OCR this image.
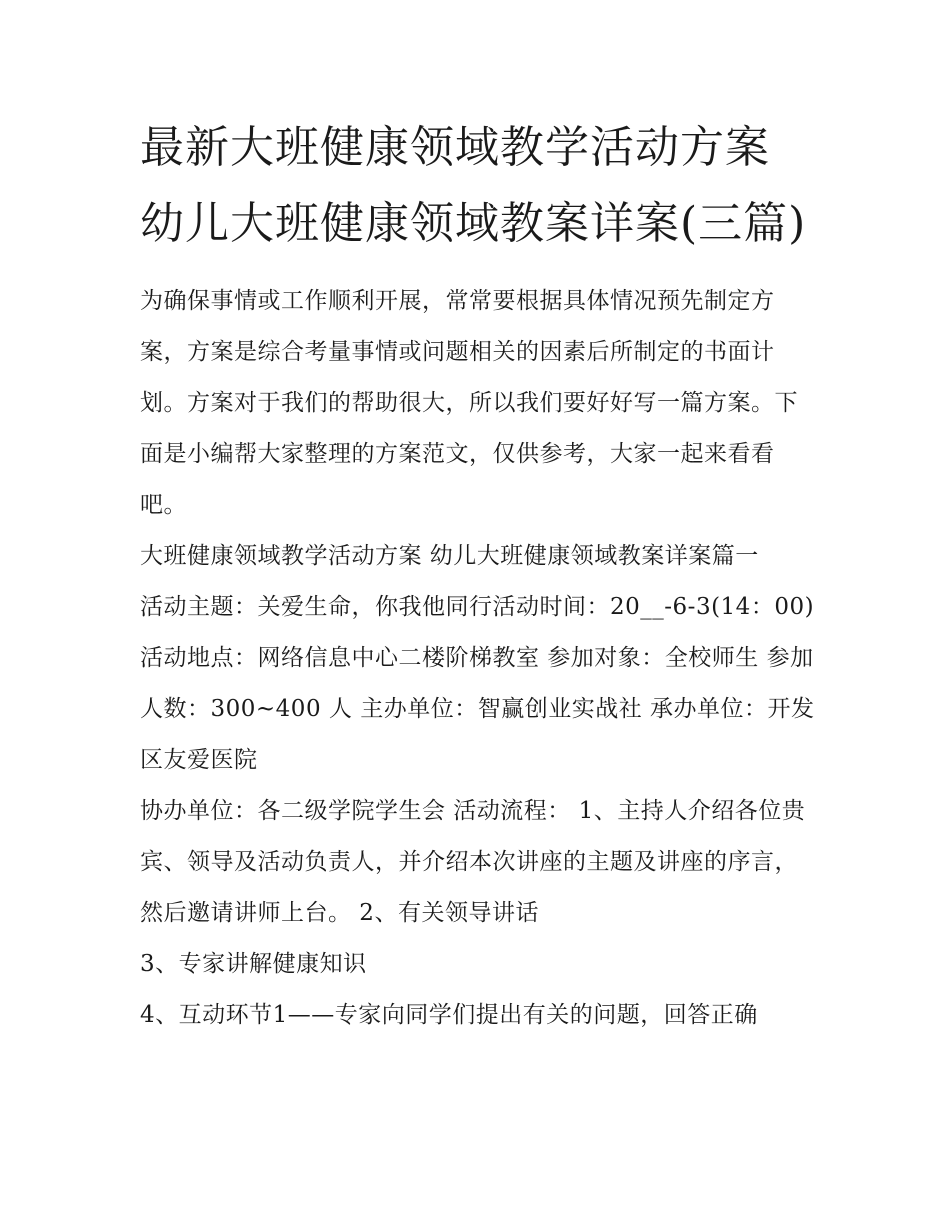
最新大班健康领域教学活动方案 幼儿大班健康领域教案详案(三篇)

为确保事情或工作顺利开展，常常要根据具体情况预先制定方案，方案是综合考量事情或问题相关的因素后所制定的书面计划。方案对于我们的帮助很大，所以我们要好好写一篇方案。下面是小编帮大家整理的方案范文，仅供参考，大家一起来看看吧。

大班健康领域教学活动方案 幼儿大班健康领域教案详案篇一

活动主题：关爱生命，你我他同行活动时间：20__-6-3(14：00)活动地点：网络信息中心二楼阶梯教室 参加对象：全校师生 参加人数：300~400 人 主办单位：智赢创业实战社 承办单位：开发区友爱医院

协办单位：各二级学院学生会 活动流程： 1、主持人介绍各位贵宾、领导及活动负责人，并介绍本次讲座的主题及讲座的序言，然后邀请讲师上台。 2、有关领导讲话

3、专家讲解健康知识

4、互动环节1——专家向同学们提出有关的问题，回答正确
